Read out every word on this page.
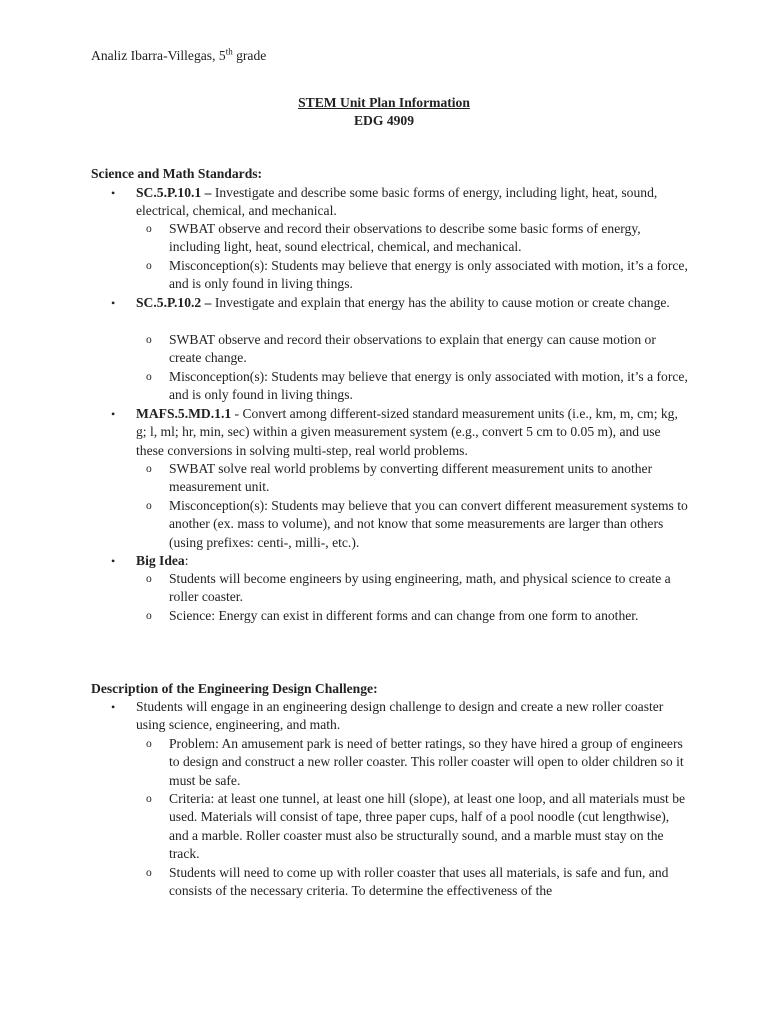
Analiz Ibarra-Villegas, 5th grade
STEM Unit Plan Information
EDG 4909
Science and Math Standards:
• SC.5.P.10.1 – Investigate and describe some basic forms of energy, including light, heat, sound, electrical, chemical, and mechanical.
o SWBAT observe and record their observations to describe some basic forms of energy, including light, heat, sound electrical, chemical, and mechanical.
o Misconception(s): Students may believe that energy is only associated with motion, it’s a force, and is only found in living things.
• SC.5.P.10.2 – Investigate and explain that energy has the ability to cause motion or create change.
o SWBAT observe and record their observations to explain that energy can cause motion or create change.
o Misconception(s): Students may believe that energy is only associated with motion, it’s a force, and is only found in living things.
• MAFS.5.MD.1.1 - Convert among different-sized standard measurement units (i.e., km, m, cm; kg, g; l, ml; hr, min, sec) within a given measurement system (e.g., convert 5 cm to 0.05 m), and use these conversions in solving multi-step, real world problems.
o SWBAT solve real world problems by converting different measurement units to another measurement unit.
o Misconception(s): Students may believe that you can convert different measurement systems to another (ex. mass to volume), and not know that some measurements are larger than others (using prefixes: centi-, milli-, etc.).
• Big Idea:
o Students will become engineers by using engineering, math, and physical science to create a roller coaster.
o Science: Energy can exist in different forms and can change from one form to another.
Description of the Engineering Design Challenge:
• Students will engage in an engineering design challenge to design and create a new roller coaster using science, engineering, and math.
o Problem: An amusement park is need of better ratings, so they have hired a group of engineers to design and construct a new roller coaster. This roller coaster will open to older children so it must be safe.
o Criteria: at least one tunnel, at least one hill (slope), at least one loop, and all materials must be used. Materials will consist of tape, three paper cups, half of a pool noodle (cut lengthwise), and a marble. Roller coaster must also be structurally sound, and a marble must stay on the track.
o Students will need to come up with roller coaster that uses all materials, is safe and fun, and consists of the necessary criteria. To determine the effectiveness of the
